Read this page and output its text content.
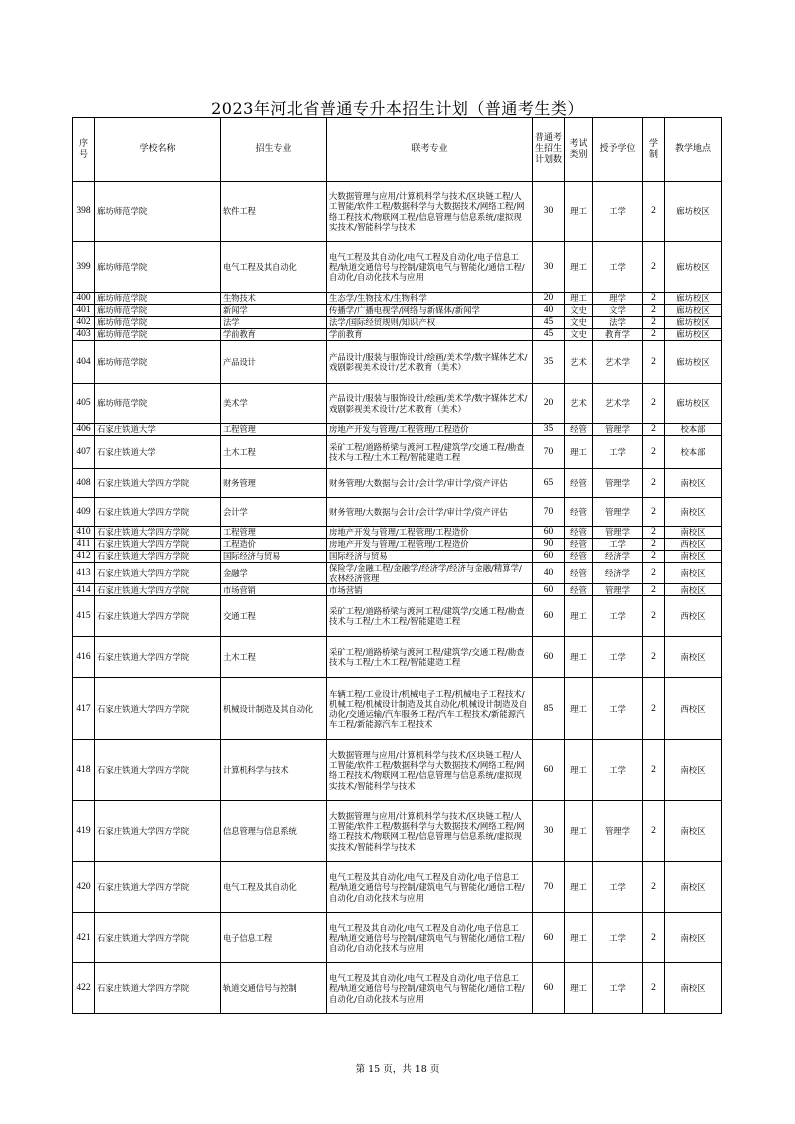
2023年河北省普通专升本招生计划（普通考生类）
序号	学校名称	招生专业	联考专业	普通考生招生计划数	考试类别	授予学位	学制	教学地点
398	廊坊师范学院	软件工程	大数据管理与应用/计算机科学与技术/区块链工程/人工智能/软件工程/数据科学与大数据技术/网络工程/网络工程技术/物联网工程/信息管理与信息系统/虚拟现实技术/智能科学与技术	30	理工	工学	2	廊坊校区
399	廊坊师范学院	电气工程及其自动化	电气工程及其自动化/电气工程及自动化/电子信息工程/轨道交通信号与控制/建筑电气与智能化/通信工程/自动化/自动化技术与应用	30	理工	工学	2	廊坊校区
400	廊坊师范学院	生物技术	生态学/生物技术/生物科学	20	理工	理学	2	廊坊校区
401	廊坊师范学院	新闻学	传播学/广播电视学/网络与新媒体/新闻学	40	文史	文学	2	廊坊校区
402	廊坊师范学院	法学	法学/国际经贸规则/知识产权	45	文史	法学	2	廊坊校区
403	廊坊师范学院	学前教育	学前教育	45	文史	教育学	2	廊坊校区
404	廊坊师范学院	产品设计	产品设计/服装与服饰设计/绘画/美术学/数字媒体艺术/戏剧影视美术设计/艺术教育（美术）	35	艺术	艺术学	2	廊坊校区
405	廊坊师范学院	美术学	产品设计/服装与服饰设计/绘画/美术学/数字媒体艺术/戏剧影视美术设计/艺术教育（美术）	20	艺术	艺术学	2	廊坊校区
406	石家庄铁道大学	工程管理	房地产开发与管理/工程管理/工程造价	35	经管	管理学	2	校本部
407	石家庄铁道大学	土木工程	采矿工程/道路桥梁与渡河工程/建筑学/交通工程/勘查技术与工程/土木工程/智能建造工程	70	理工	工学	2	校本部
408	石家庄铁道大学四方学院	财务管理	财务管理/大数据与会计/会计学/审计学/资产评估	65	经管	管理学	2	南校区
409	石家庄铁道大学四方学院	会计学	财务管理/大数据与会计/会计学/审计学/资产评估	70	经管	管理学	2	南校区
410	石家庄铁道大学四方学院	工程管理	房地产开发与管理/工程管理/工程造价	60	经管	管理学	2	南校区
411	石家庄铁道大学四方学院	工程造价	房地产开发与管理/工程管理/工程造价	90	经管	工学	2	西校区
412	石家庄铁道大学四方学院	国际经济与贸易	国际经济与贸易	60	经管	经济学	2	南校区
413	石家庄铁道大学四方学院	金融学	保险学/金融工程/金融学/经济学/经济与金融/精算学/农林经济管理	40	经管	经济学	2	南校区
414	石家庄铁道大学四方学院	市场营销	市场营销	60	经管	管理学	2	南校区
415	石家庄铁道大学四方学院	交通工程	采矿工程/道路桥梁与渡河工程/建筑学/交通工程/勘查技术与工程/土木工程/智能建造工程	60	理工	工学	2	西校区
416	石家庄铁道大学四方学院	土木工程	采矿工程/道路桥梁与渡河工程/建筑学/交通工程/勘查技术与工程/土木工程/智能建造工程	60	理工	工学	2	南校区
417	石家庄铁道大学四方学院	机械设计制造及其自动化	车辆工程/工业设计/机械电子工程/机械电子工程技术/机械工程/机械设计制造及其自动化/机械设计制造及自动化/交通运输/汽车服务工程/汽车工程技术/新能源汽车工程/新能源汽车工程技术	85	理工	工学	2	西校区
418	石家庄铁道大学四方学院	计算机科学与技术	大数据管理与应用/计算机科学与技术/区块链工程/人工智能/软件工程/数据科学与大数据技术/网络工程/网络工程技术/物联网工程/信息管理与信息系统/虚拟现实技术/智能科学与技术	60	理工	工学	2	南校区
419	石家庄铁道大学四方学院	信息管理与信息系统	大数据管理与应用/计算机科学与技术/区块链工程/人工智能/软件工程/数据科学与大数据技术/网络工程/网络工程技术/物联网工程/信息管理与信息系统/虚拟现实技术/智能科学与技术	30	理工	管理学	2	南校区
420	石家庄铁道大学四方学院	电气工程及其自动化	电气工程及其自动化/电气工程及自动化/电子信息工程/轨道交通信号与控制/建筑电气与智能化/通信工程/自动化/自动化技术与应用	70	理工	工学	2	南校区
421	石家庄铁道大学四方学院	电子信息工程	电气工程及其自动化/电气工程及自动化/电子信息工程/轨道交通信号与控制/建筑电气与智能化/通信工程/自动化/自动化技术与应用	60	理工	工学	2	南校区
422	石家庄铁道大学四方学院	轨道交通信号与控制	电气工程及其自动化/电气工程及自动化/电子信息工程/轨道交通信号与控制/建筑电气与智能化/通信工程/自动化/自动化技术与应用	60	理工	工学	2	南校区
第 15 页，共 18 页
